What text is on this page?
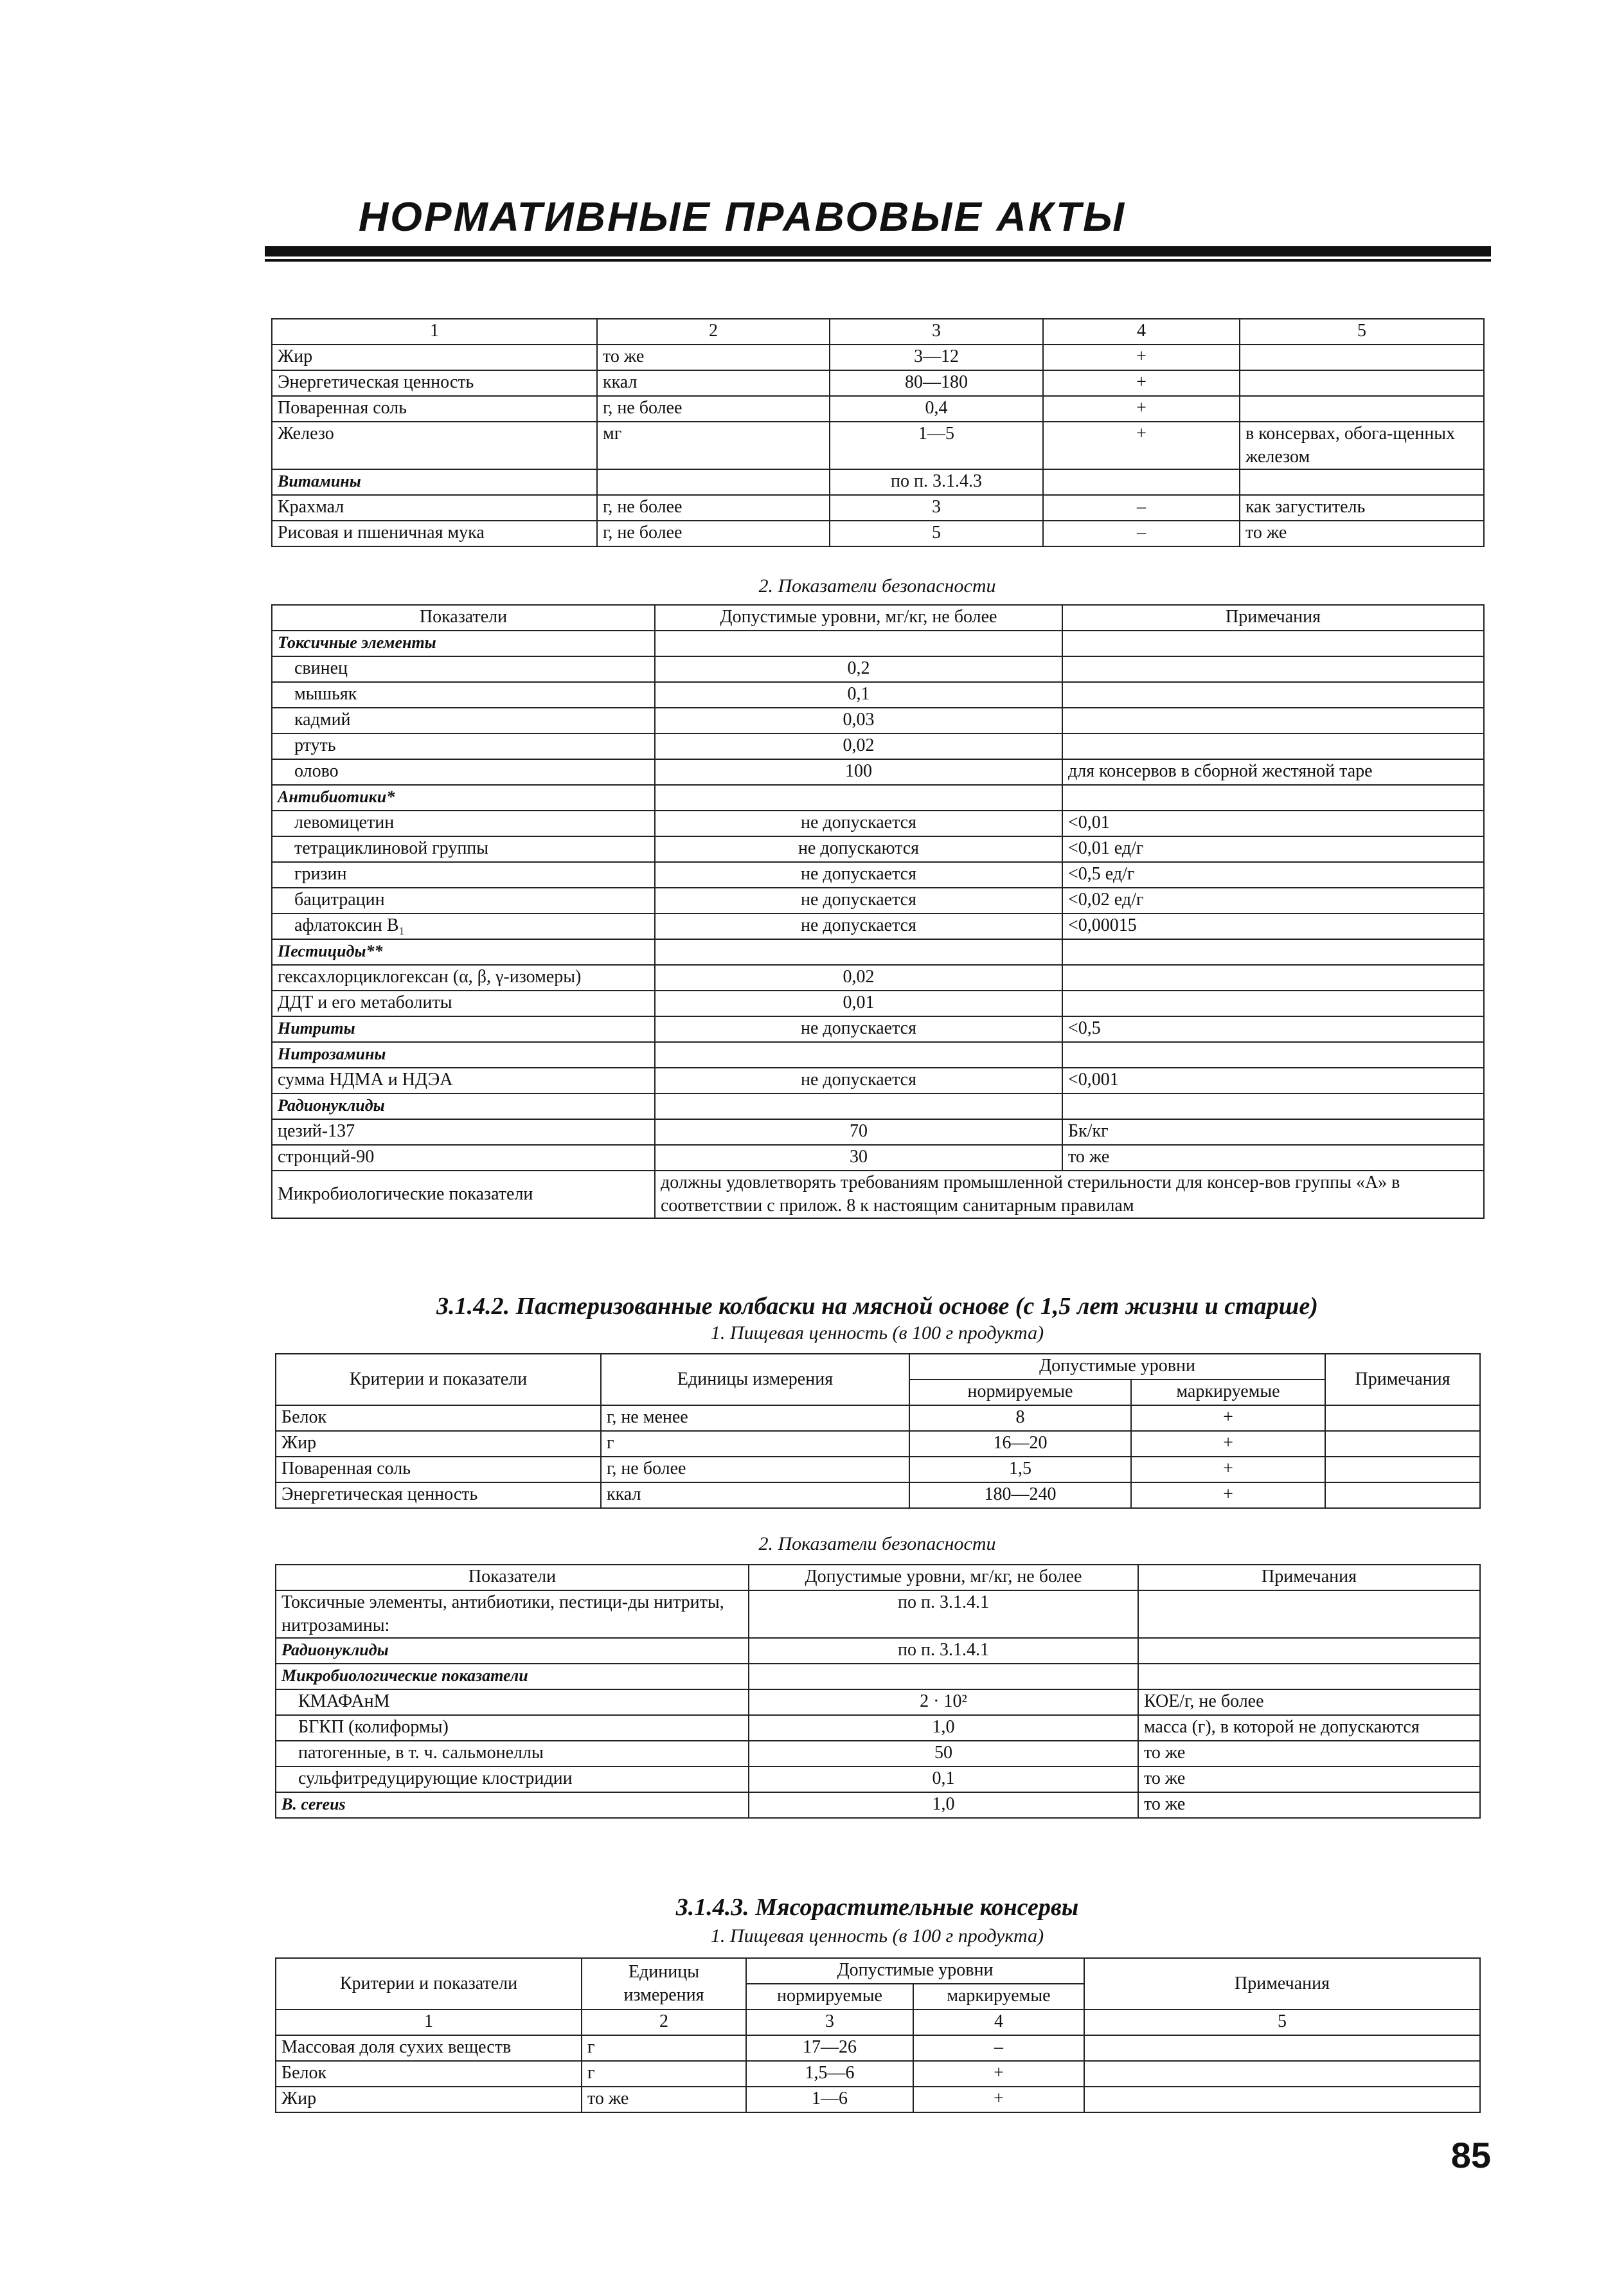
НОРМАТИВНЫЕ ПРАВОВЫЕ АКТЫ
1	2	3	4	5
Жир	то же	3—12	+	
Энергетическая ценность	ккал	80—180	+	
Поваренная соль	г, не более	0,4	+	
Железо	мг	1—5	+	в консервах, обога-щенных железом
Витамины		по п. 3.1.4.3		
Крахмал	г, не более	3	–	как загуститель
Рисовая и пшеничная мука	г, не более	5	–	то же
2. Показатели безопасности
Показатели	Допустимые уровни, мг/кг, не более	Примечания
Токсичные элементы		
свинец	0,2	
мышьяк	0,1	
кадмий	0,03	
ртуть	0,02	
олово	100	для консервов в сборной жестяной таре
Антибиотики*		
левомицетин	не допускается	<0,01
тетрациклиновой группы	не допускаются	<0,01 ед/г
гризин	не допускается	<0,5 ед/г
бацитрацин	не допускается	<0,02 ед/г
афлатоксин B₁	не допускается	<0,00015
Пестициды**		
гексахлорциклогексан (α, β, γ-изомеры)	0,02	
ДДТ и его метаболиты	0,01	
Нитриты	не допускается	<0,5
Нитрозамины		
сумма НДМА и НДЭА	не допускается	<0,001
Радионуклиды		
цезий-137	70	Бк/кг
стронций-90	30	то же
Микробиологические показатели	должны удовлетворять требованиям промышленной стерильности для консер-вов группы «А» в соответствии с прилож. 8 к настоящим санитарным правилам	
3.1.4.2. Пастеризованные колбаски на мясной основе (с 1,5 лет жизни и старше)
1. Пищевая ценность (в 100 г продукта)
Критерии и показатели	Единицы измерения	Допустимые уровни		Примечания
		нормируемые	маркируемые	
Белок	г, не менее	8	+	
Жир	г	16—20	+	
Поваренная соль	г, не более	1,5	+	
Энергетическая ценность	ккал	180—240	+	
2. Показатели безопасности
Показатели	Допустимые уровни, мг/кг, не более	Примечания
Токсичные элементы, антибиотики, пестици-ды нитриты, нитрозамины:	по п. 3.1.4.1	
Радионуклиды	по п. 3.1.4.1	
Микробиологические показатели		
КМАФАнМ	2 · 10²	КОЕ/г, не более
БГКП (колиформы)	1,0	масса (г), в которой не допускаются
патогенные, в т. ч. сальмонеллы	50	то же
сульфитредуцирующие клостридии	0,1	то же
B. cereus	1,0	то же
3.1.4.3. Мясорастительные консервы
1. Пищевая ценность (в 100 г продукта)
Критерии и показатели	Единицы измерения	Допустимые уровни		Примечания
		нормируемые	маркируемые	
1	2	3	4	5
Массовая доля сухих веществ	г	17—26	–	
Белок	г	1,5—6	+	
Жир	то же	1—6	+	
85
